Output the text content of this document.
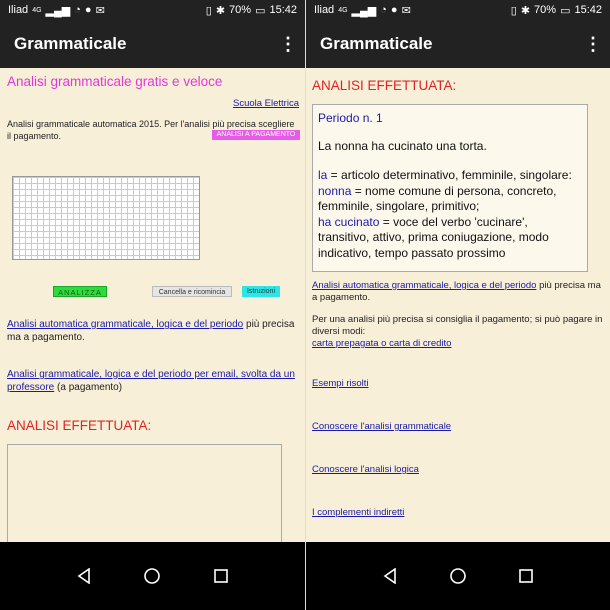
Iliad 4G ▂▄▆ ◔ ● ✉	▯ ✱ 70% ▭ 15:42
Grammaticale	⋮
Analisi grammaticale gratis e veloce
Scuola Elettrica
Analisi grammaticale automatica 2015. Per l'analisi più precisa scegliere il pagamento.	ANALISI A PAGAMENTO
ANALIZZA	Cancella e ricomincia	Istruzioni
Analisi automatica grammaticale, logica e del periodo più precisa ma a pagamento.
Analisi grammaticale, logica e del periodo per email, svolta da un professore (a pagamento)
ANALISI EFFETTUATA:
Iliad 4G ▂▄▆ ◔ ● ✉	▯ ✱ 70% ▭ 15:42
Grammaticale	⋮
ANALISI EFFETTUATA:
Periodo n. 1
La nonna ha cucinato una torta.
la = articolo determinativo, femminile, singolare:
nonna = nome comune di persona, concreto, femminile, singolare, primitivo;
ha cucinato = voce del verbo 'cucinare', transitivo, attivo, prima coniugazione, modo indicativo, tempo passato prossimo
Analisi automatica grammaticale, logica e del periodo più precisa ma a pagamento.
Per una analisi più precisa si consiglia il pagamento; si può pagare in diversi modi:
carta prepagata o carta di credito
Esempi risolti
Conoscere l'analisi grammaticale
Conoscere l'analisi logica
I complementi indiretti
